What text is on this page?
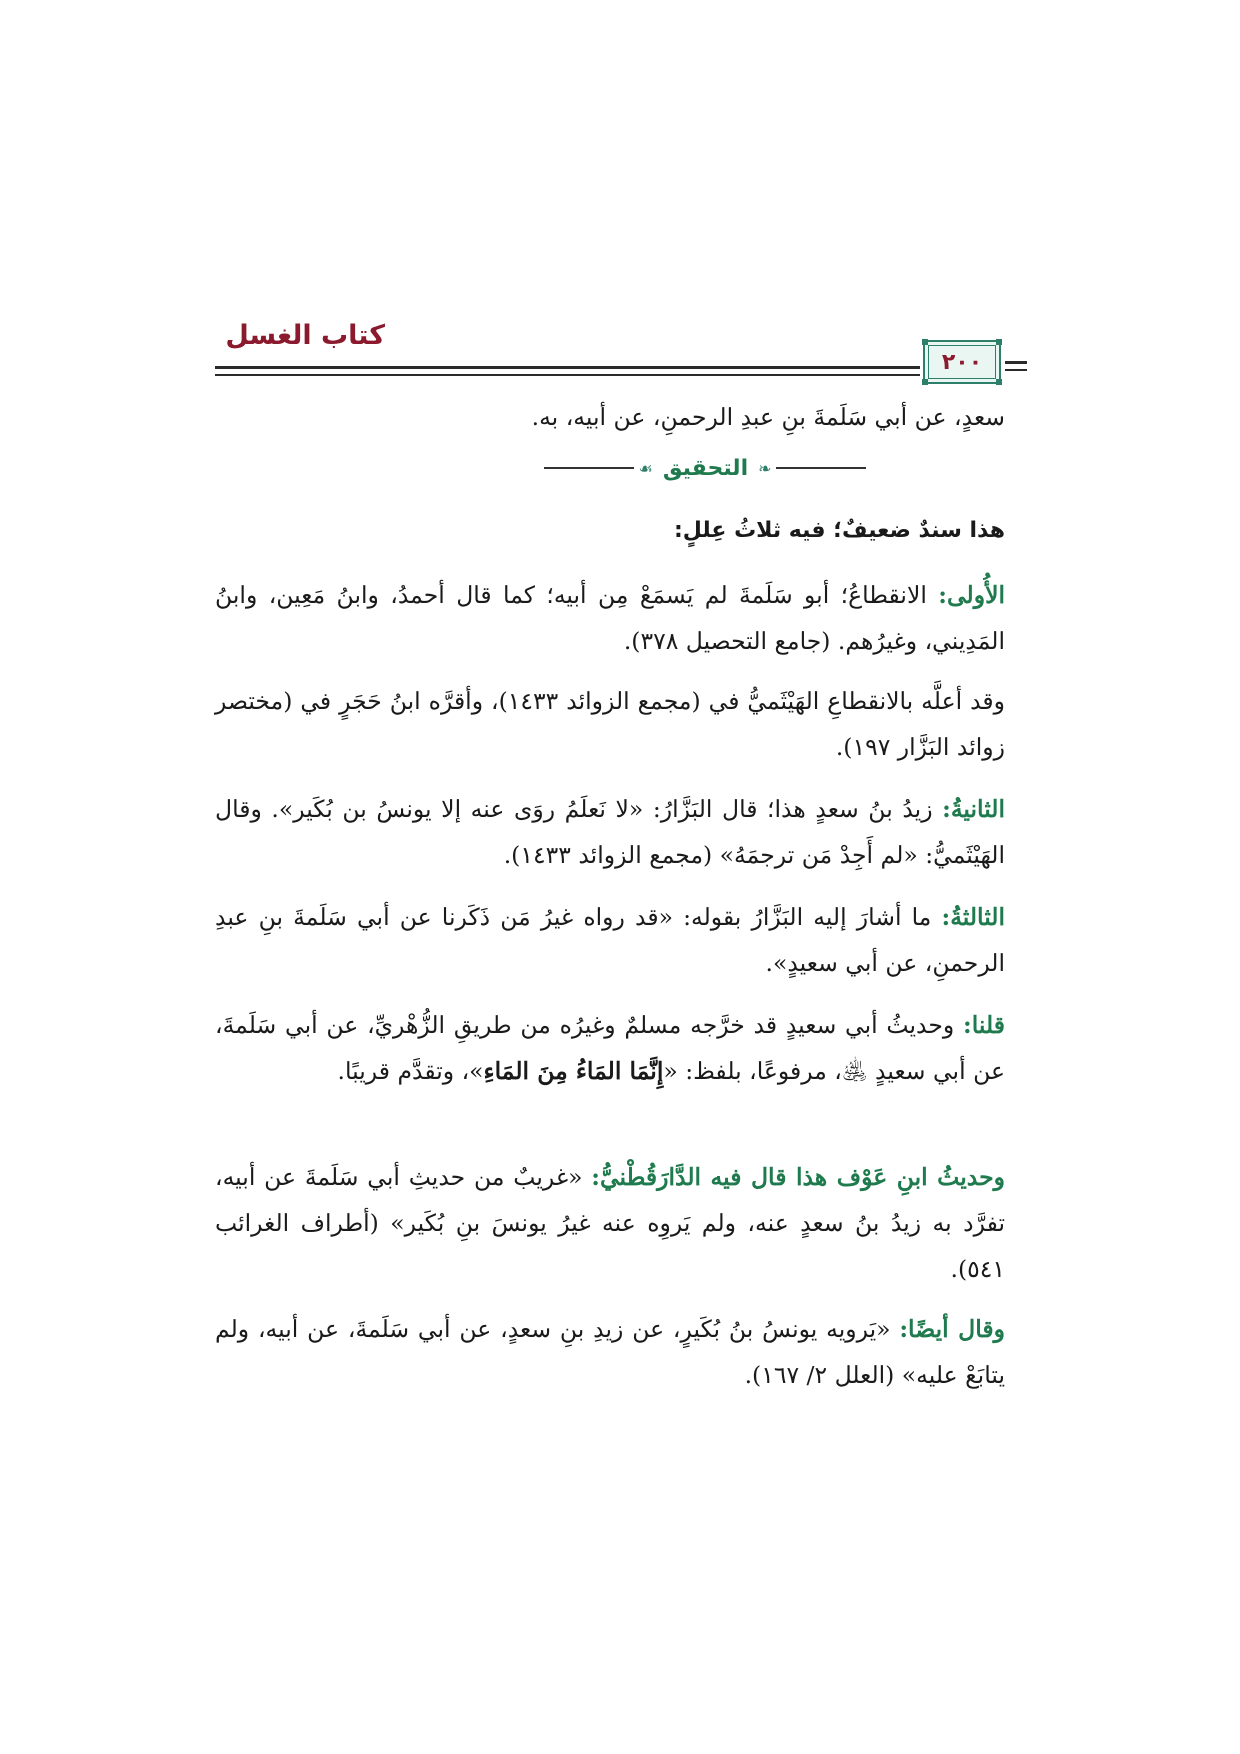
كتاب الغسل
٢٠٠

سعدٍ، عن أبي سَلَمةَ بنِ عبدِ الرحمنِ، عن أبيه، به.

❧
التحقيق
☙

هذا سندٌ ضعيفٌ؛ فيه ثلاثُ عِللٍ:

الأُولى: الانقطاعُ؛ أبو سَلَمةَ لم يَسمَعْ مِن أبيه؛ كما قال أحمدُ، وابنُ مَعِين، وابنُ المَدِيني، وغيرُهم. (جامع التحصيل ٣٧٨).

وقد أعلَّه بالانقطاعِ الهَيْثَميُّ في (مجمع الزوائد ١٤٣٣)، وأقرَّه ابنُ حَجَرٍ في (مختصر زوائد البَزَّار ١٩٧).

الثانيةُ: زيدُ بنُ سعدٍ هذا؛ قال البَزَّارُ: «لا نَعلَمُ روَى عنه إلا يونسُ بن بُكَير». وقال الهَيْثَميُّ: «لم أَجِدْ مَن ترجمَهُ» (مجمع الزوائد ١٤٣٣).

الثالثةُ: ما أشارَ إليه البَزَّارُ بقوله: «قد رواه غيرُ مَن ذَكَرنا عن أبي سَلَمةَ بنِ عبدِ الرحمنِ، عن أبي سعيدٍ».

قلنا: وحديثُ أبي سعيدٍ قد خرَّجه مسلمٌ وغيرُه من طريقِ الزُّهْريِّ، عن أبي سَلَمةَ، عن أبي سعيدٍ ﵁، مرفوعًا، بلفظ: «إِنَّمَا المَاءُ مِنَ المَاءِ»، وتقدَّم قريبًا.

وحديثُ ابنِ عَوْف هذا قال فيه الدَّارَقُطْنيُّ: «غريبٌ من حديثِ أبي سَلَمةَ عن أبيه، تفرَّد به زيدُ بنُ سعدٍ عنه، ولم يَروِه عنه غيرُ يونسَ بنِ بُكَير» (أطراف الغرائب ٥٤١).

وقال أيضًا: «يَرويه يونسُ بنُ بُكَيرٍ، عن زيدِ بنِ سعدٍ، عن أبي سَلَمةَ، عن أبيه، ولم يتابَعْ عليه» (العلل ٢/ ١٦٧).
